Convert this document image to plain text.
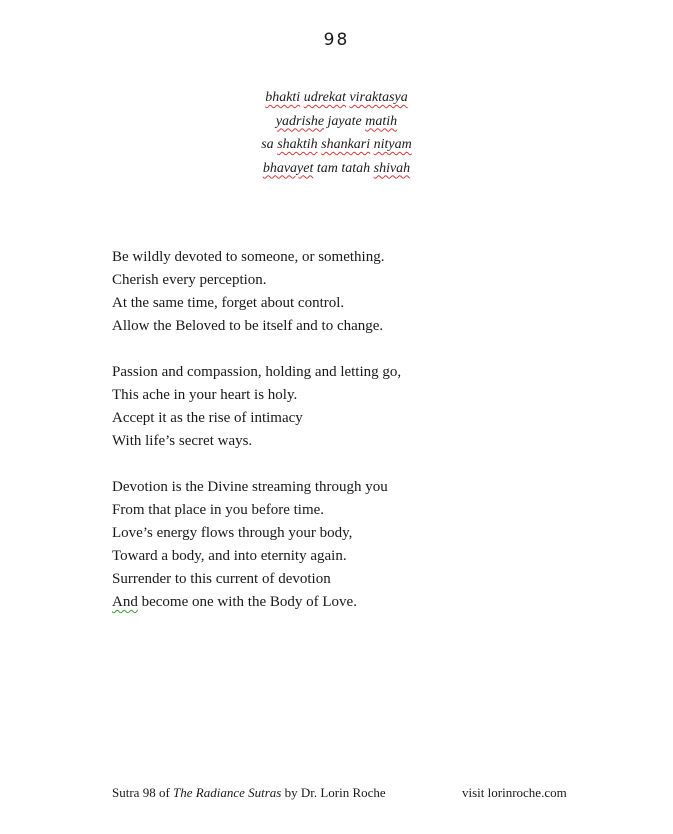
98
bhakti udrekat viraktasya
yadrishe jayate matih
sa shaktih shankari nityam
bhavayet tam tatah shivah
Be wildly devoted to someone, or something.
Cherish every perception.
At the same time, forget about control.
Allow the Beloved to be itself and to change.
Passion and compassion, holding and letting go,
This ache in your heart is holy.
Accept it as the rise of intimacy
With life’s secret ways.
Devotion is the Divine streaming through you
From that place in you before time.
Love’s energy flows through your body,
Toward a body, and into eternity again.
Surrender to this current of devotion
And become one with the Body of Love.
Sutra 98 of The Radiance Sutras by Dr. Lorin Roche	visit lorinroche.com
